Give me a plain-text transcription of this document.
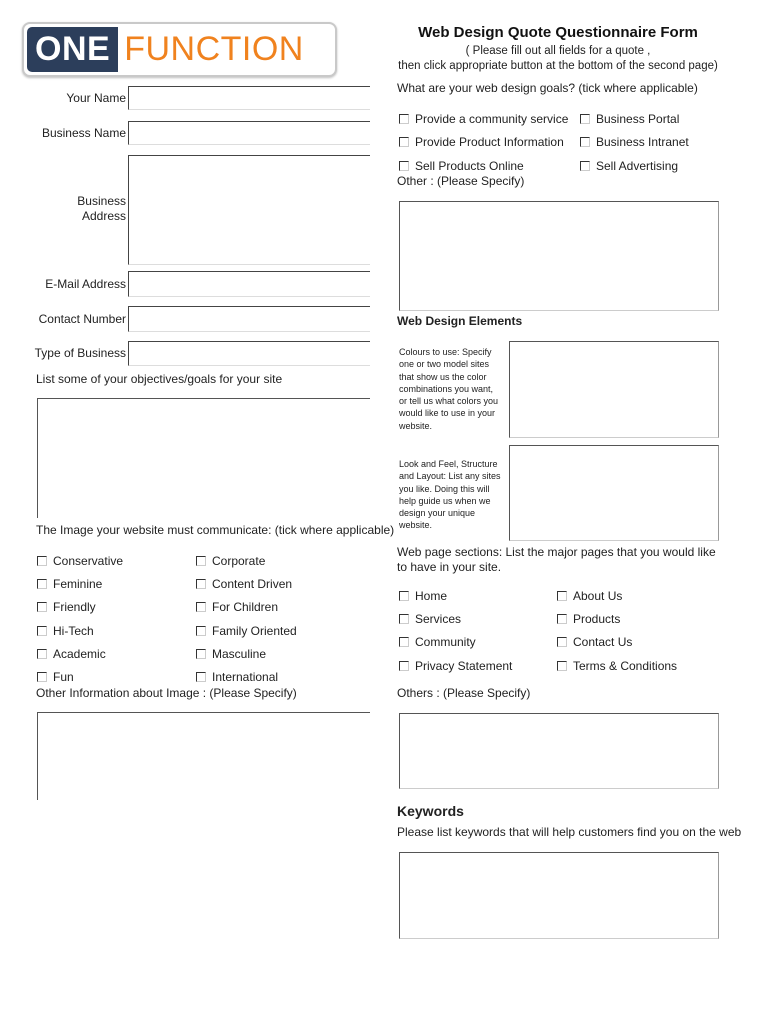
ONE FUNCTION	Web Design Quote Questionnaire Form
( Please fill out all fields for a quote ,
then click appropriate button at the bottom of the second page)
Your Name
Business Name
Business
Address
E-Mail Address
Contact Number
Type of Business
List some of your objectives/goals for your site
The Image your website must communicate: (tick where applicable)
Conservative
Feminine
Friendly
Hi-Tech
Academic
Fun
Corporate
Content Driven
For Children
Family Oriented
Masculine
International
Other Information about Image : (Please Specify)
What are your web design goals? (tick where applicable)
Provide a community service
Provide Product Information
Sell Products Online
Business Portal
Business Intranet
Sell Advertising
Other : (Please Specify)
Web Design Elements
Colours to use: Specify
one or two model sites
that show us the color
combinations you want,
or tell us what colors you
would like to use in your
website.
Look and Feel, Structure
and Layout: List any sites
you like. Doing this will
help guide us when we
design your unique
website.
Web page sections: List the major pages that you would like
to have in your site.
Home
Services
Community
Privacy Statement
About Us
Products
Contact Us
Terms & Conditions
Others : (Please Specify)
Keywords
Please list keywords that will help customers find you on the web
